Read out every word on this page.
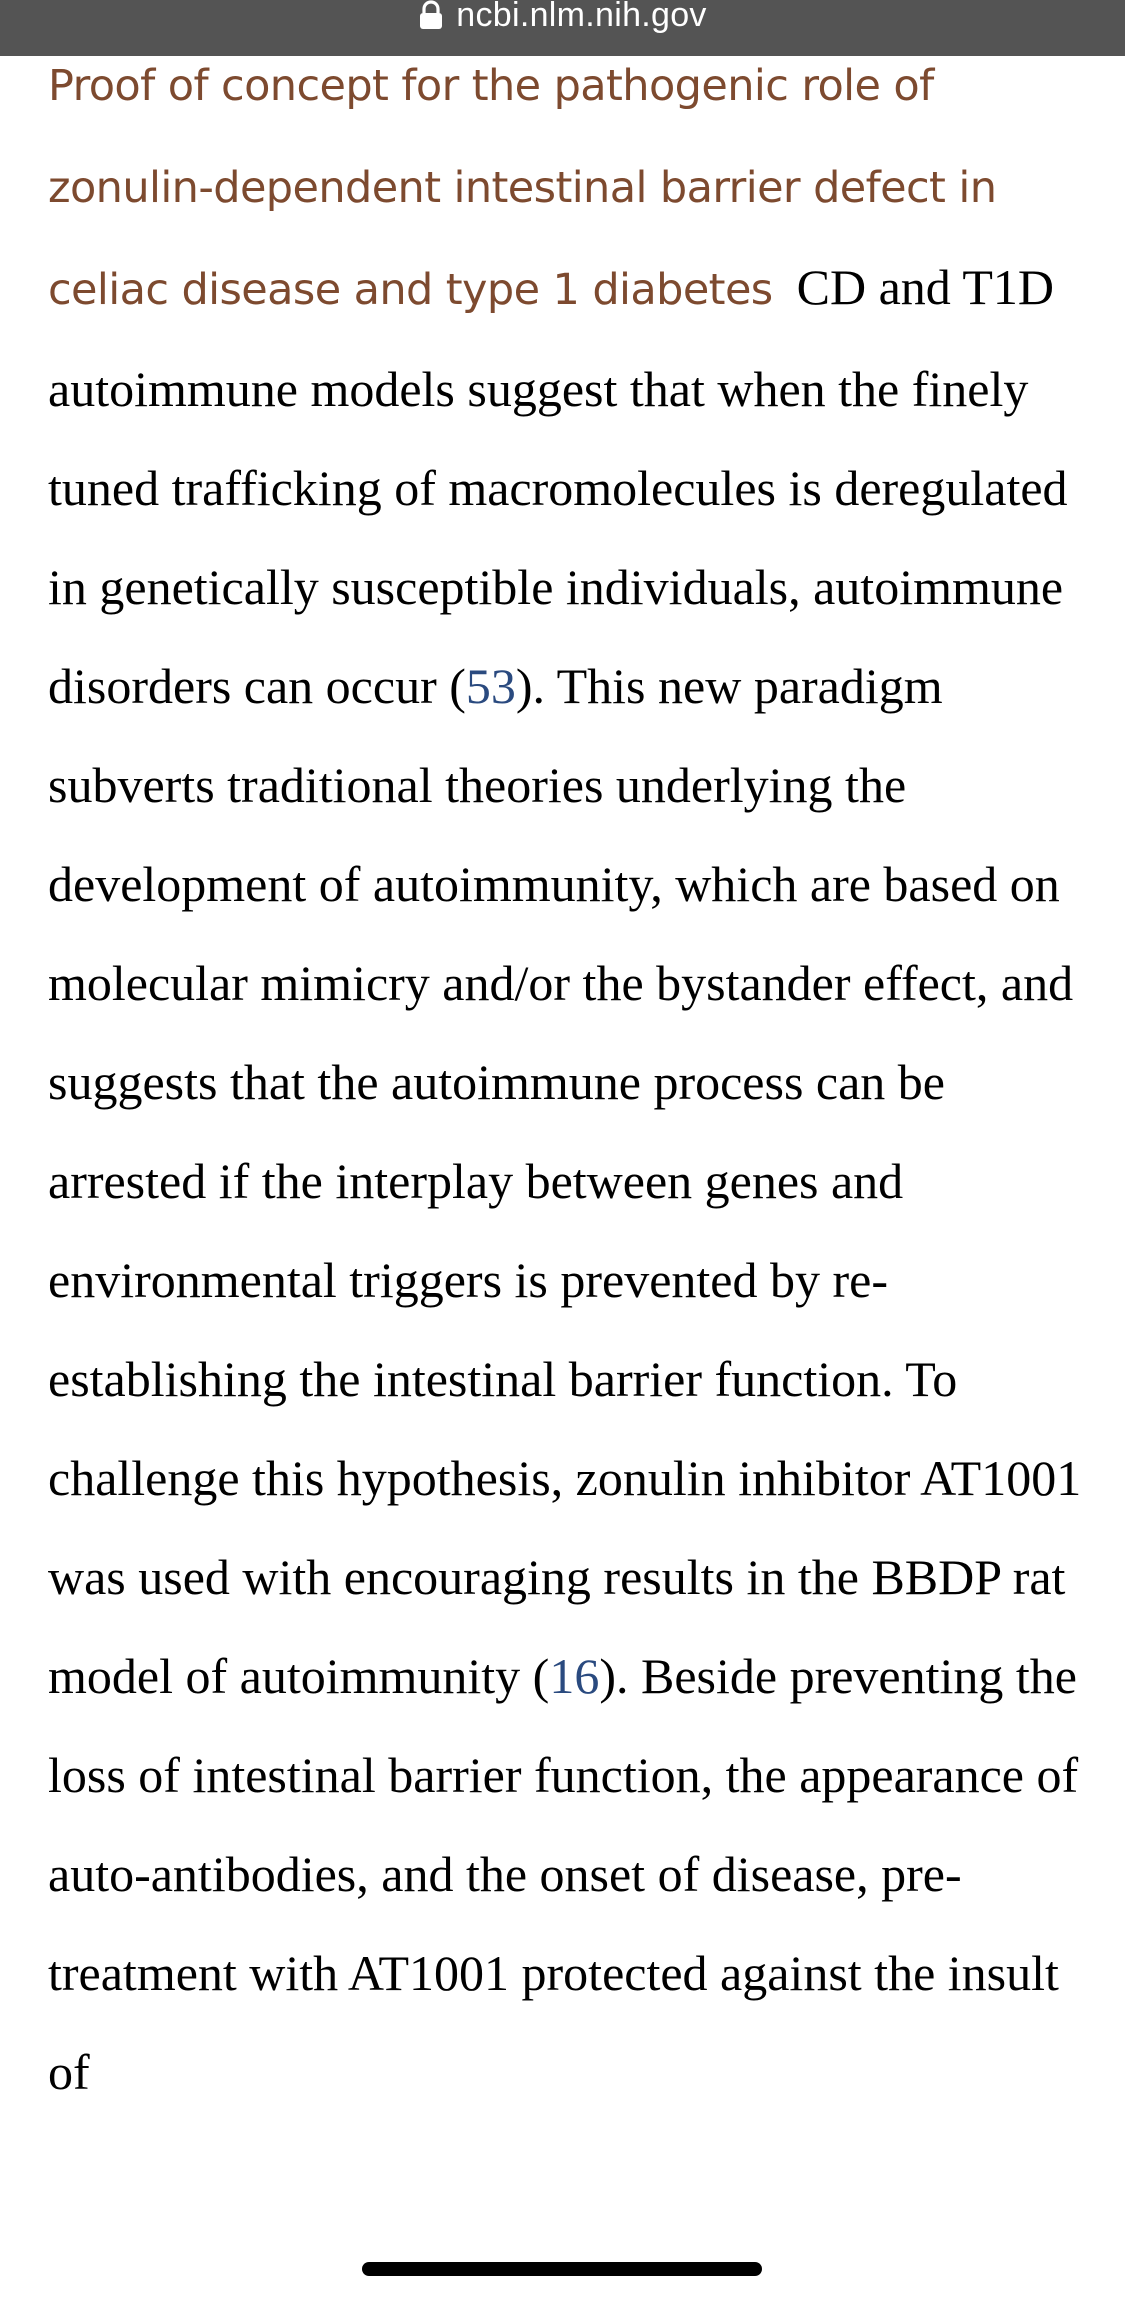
ncbi.nlm.nih.gov

Proof of concept for the pathogenic role of zonulin-dependent intestinal barrier defect in celiac disease and type 1 diabetes CD and T1D autoimmune models suggest that when the finely tuned trafficking of macromolecules is deregulated in genetically susceptible individuals, autoimmune disorders can occur (53). This new paradigm subverts traditional theories underlying the development of autoimmunity, which are based on molecular mimicry and/or the bystander effect, and suggests that the autoimmune process can be arrested if the interplay between genes and environmental triggers is prevented by re-establishing the intestinal barrier function. To challenge this hypothesis, zonulin inhibitor AT1001 was used with encouraging results in the BBDP rat model of autoimmunity (16). Beside preventing the loss of intestinal barrier function, the appearance of auto-antibodies, and the onset of disease, pre-treatment with AT1001 protected against the insult of
